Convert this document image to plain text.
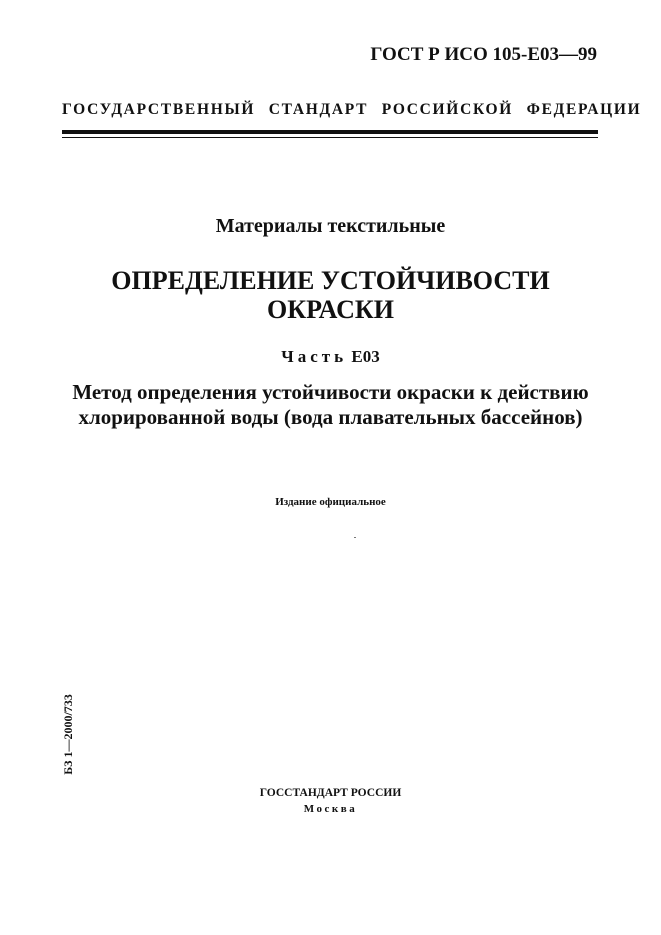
ГОСТ Р ИСО 105-Е03—99
ГОСУДАРСТВЕННЫЙ СТАНДАРТ РОССИЙСКОЙ ФЕДЕРАЦИИ
Материалы текстильные
ОПРЕДЕЛЕНИЕ УСТОЙЧИВОСТИ
ОКРАСКИ
Часть Е03
Метод определения устойчивости окраски к действию
хлорированной воды (вода плавательных бассейнов)
Издание официальное
БЗ 1—2000/733
ГОССТАНДАРТ РОССИИ
Москва
